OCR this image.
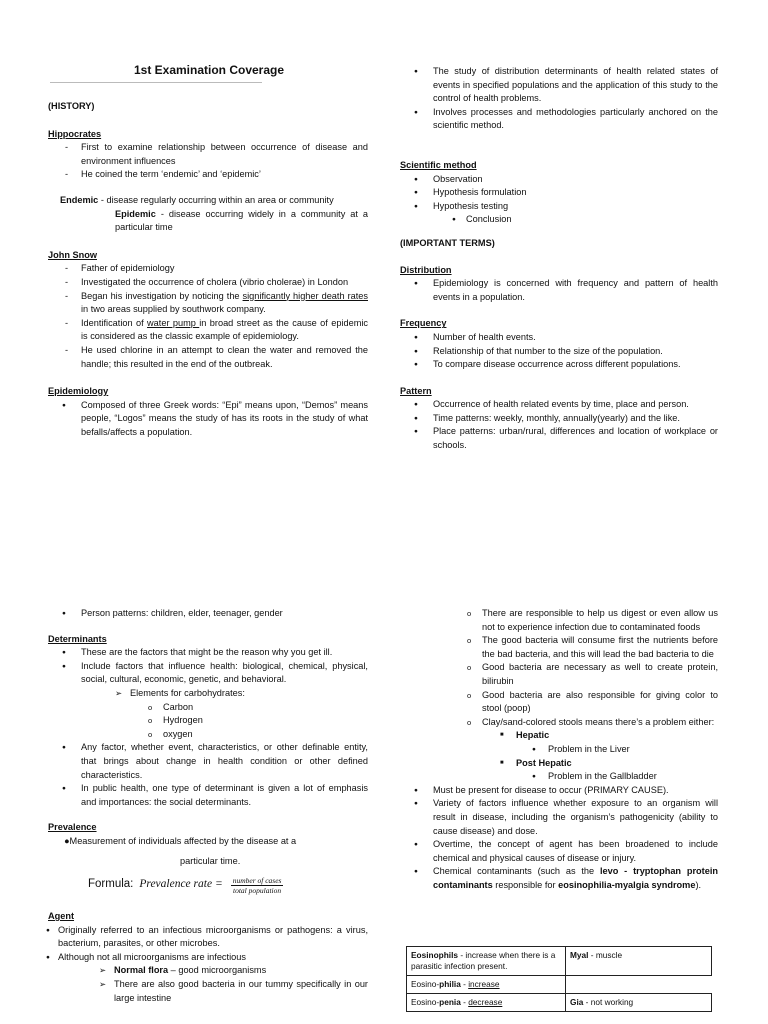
1st Examination Coverage
(HISTORY)
Hippocrates
- First to examine relationship between occurrence of disease and environment influences
- He coined the term ‘endemic’ and ‘epidemic’
Endemic - disease regularly occurring within an area or community
Epidemic - disease occurring widely in a community at a particular time
John Snow
- Father of epidemiology
- Investigated the occurrence of cholera (vibrio cholerae) in London
- Began his investigation by noticing the significantly higher death rates in two areas supplied by southwork company.
- Identification of water pump in broad street as the cause of epidemic is considered as the classic example of epidemiology.
- He used chlorine in an attempt to clean the water and removed the handle; this resulted in the end of the outbreak.
Epidemiology
● Composed of three Greek words: “Epi” means upon, “Demos” means people, “Logos” means the study of has its roots in the study of what befalls/affects a population.
● The study of distribution determinants of health related states of events in specified populations and the application of this study to the control of health problems.
● Involves processes and methodologies particularly anchored on the scientific method.
Scientific method
● Observation
● Hypothesis formulation
● Hypothesis testing
● Conclusion
(IMPORTANT TERMS)
Distribution
● Epidemiology is concerned with frequency and pattern of health events in a population.
Frequency
● Number of health events.
● Relationship of that number to the size of the population.
● To compare disease occurrence across different populations.
Pattern
● Occurrence of health related events by time, place and person.
● Time patterns: weekly, monthly, annually(yearly) and the like.
● Place patterns: urban/rural, differences and location of workplace or schools.
● Person patterns: children, elder, teenager, gender
Determinants
● These are the factors that might be the reason why you get ill.
● Include factors that influence health: biological, chemical, physical, social, cultural, economic, genetic, and behavioral.
➢ Elements for carbohydrates:
o Carbon
o Hydrogen
o oxygen
● Any factor, whether event, characteristics, or other definable entity, that brings about change in health condition or other defined characteristics.
● In public health, one type of determinant is given a lot of emphasis and importances: the social determinants.
Prevalence
●Measurement of individuals affected by the disease at a
particular time.
Formula: Prevalence rate = number of cases
total population
Agent
● Originally referred to an infectious microorganisms or pathogens: a virus, bacterium, parasites, or other microbes.
● Although not all microorganisms are infectious
➢ Normal flora – good microorganisms
➢ There are also good bacteria in our tummy specifically in our large intestine
o There are responsible to help us digest or even allow us not to experience infection due to contaminated foods
o The good bacteria will consume first the nutrients before the bad bacteria, and this will lead the bad bacteria to die
o Good bacteria are necessary as well to create protein, bilirubin
o Good bacteria are also responsible for giving color to stool (poop)
o Clay/sand-colored stools means there’s a problem either:
■ Hepatic
● Problem in the Liver
■ Post Hepatic
● Problem in the Gallbladder
● Must be present for disease to occur (PRIMARY CAUSE).
● Variety of factors influence whether exposure to an organism will result in disease, including the organism’s pathogenicity (ability to cause disease) and dose.
● Overtime, the concept of agent has been broadened to include chemical and physical causes of disease or injury.
● Chemical contaminants (such as the levo - tryptophan protein contaminants responsible for eosinophilia-myalgia syndrome).
Eosinophils - increase when there is a parasitic infection present.	Myal - muscle
Eosino-philia - increase	
Eosino-penia - decrease	Gia - not working
